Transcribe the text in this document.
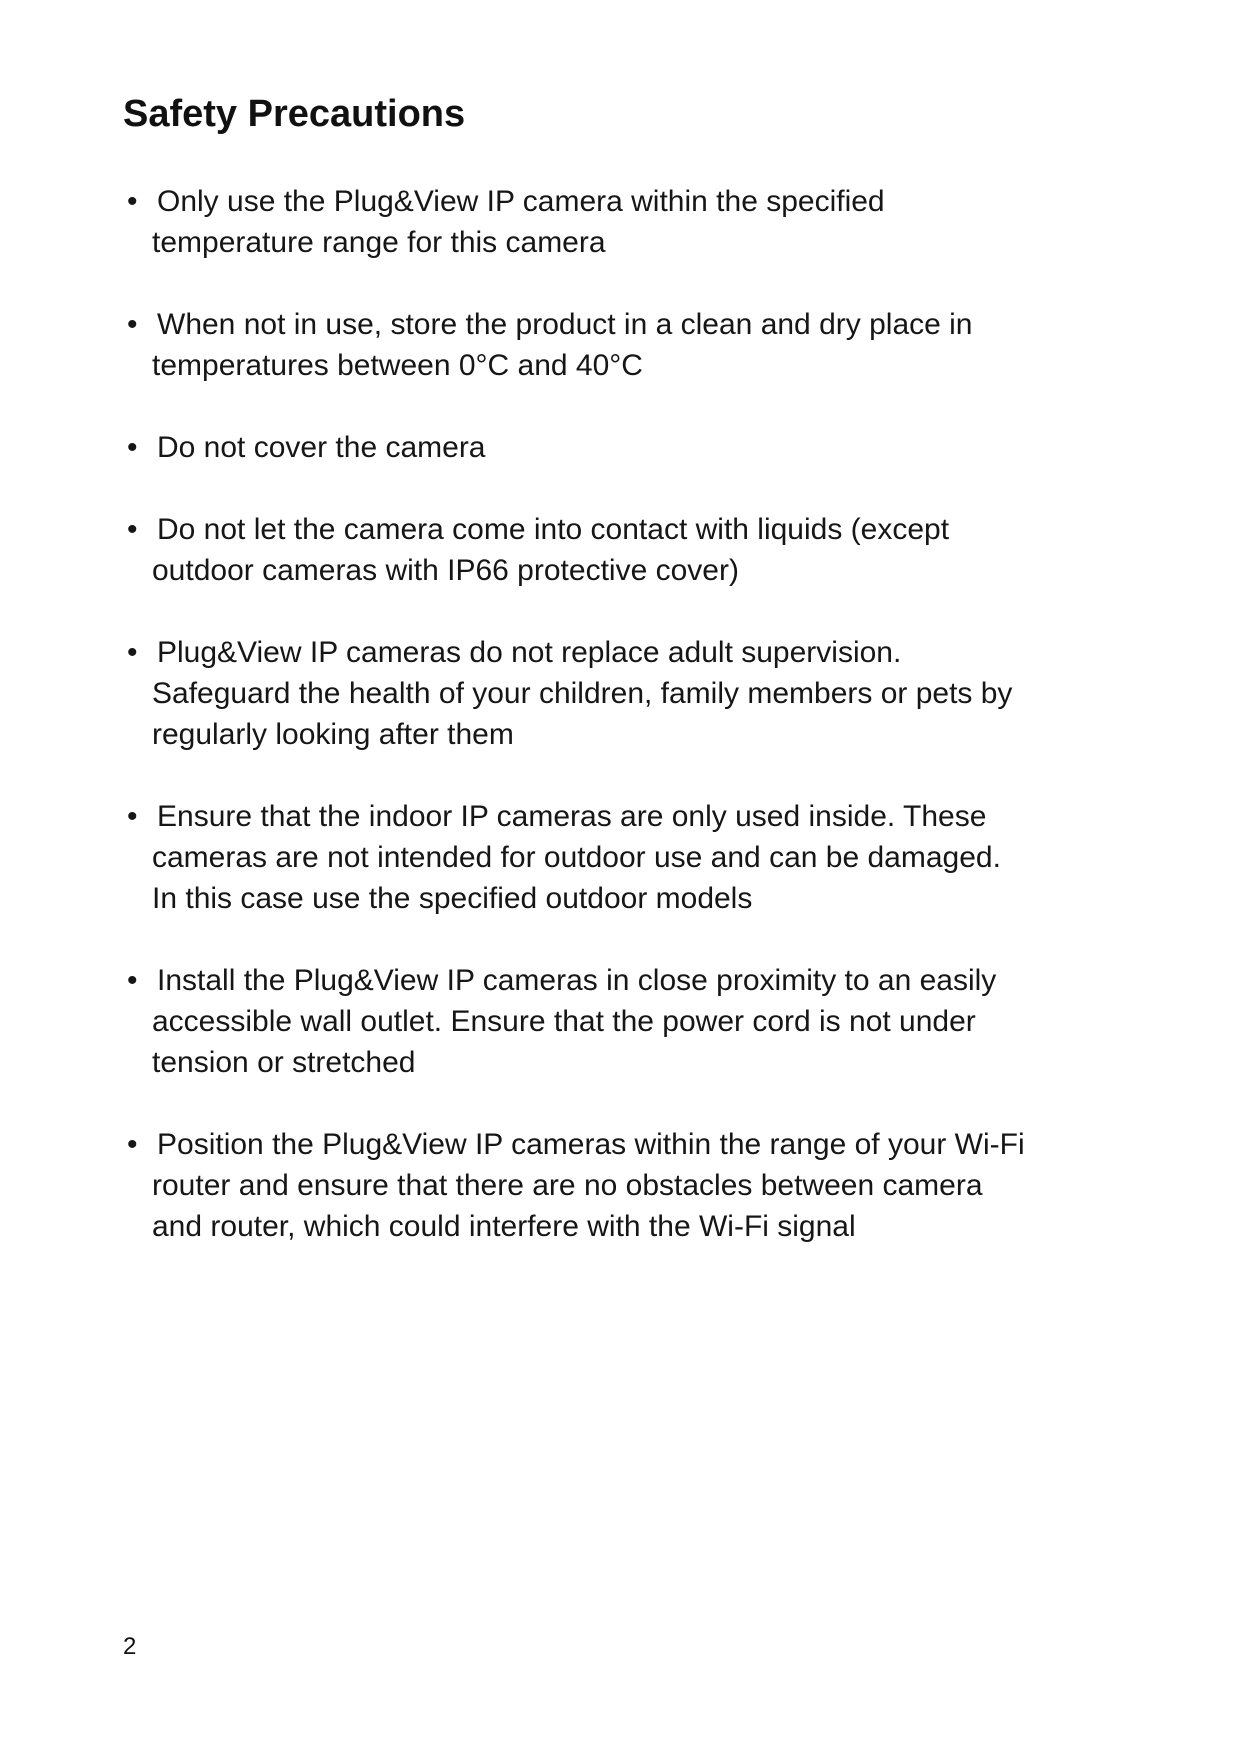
Safety Precautions
• Only use the Plug&View IP camera within the specified
temperature range for this camera
• When not in use, store the product in a clean and dry place in
temperatures between 0°C and 40°C
• Do not cover the camera
• Do not let the camera come into contact with liquids (except
outdoor cameras with IP66 protective cover)
• Plug&View IP cameras do not replace adult supervision.
Safeguard the health of your children, family members or pets by
regularly looking after them
• Ensure that the indoor IP cameras are only used inside. These
cameras are not intended for outdoor use and can be damaged.
In this case use the specified outdoor models
• Install the Plug&View IP cameras in close proximity to an easily
accessible wall outlet. Ensure that the power cord is not under
tension or stretched
• Position the Plug&View IP cameras within the range of your Wi-Fi
router and ensure that there are no obstacles between camera
and router, which could interfere with the Wi-Fi signal
2
